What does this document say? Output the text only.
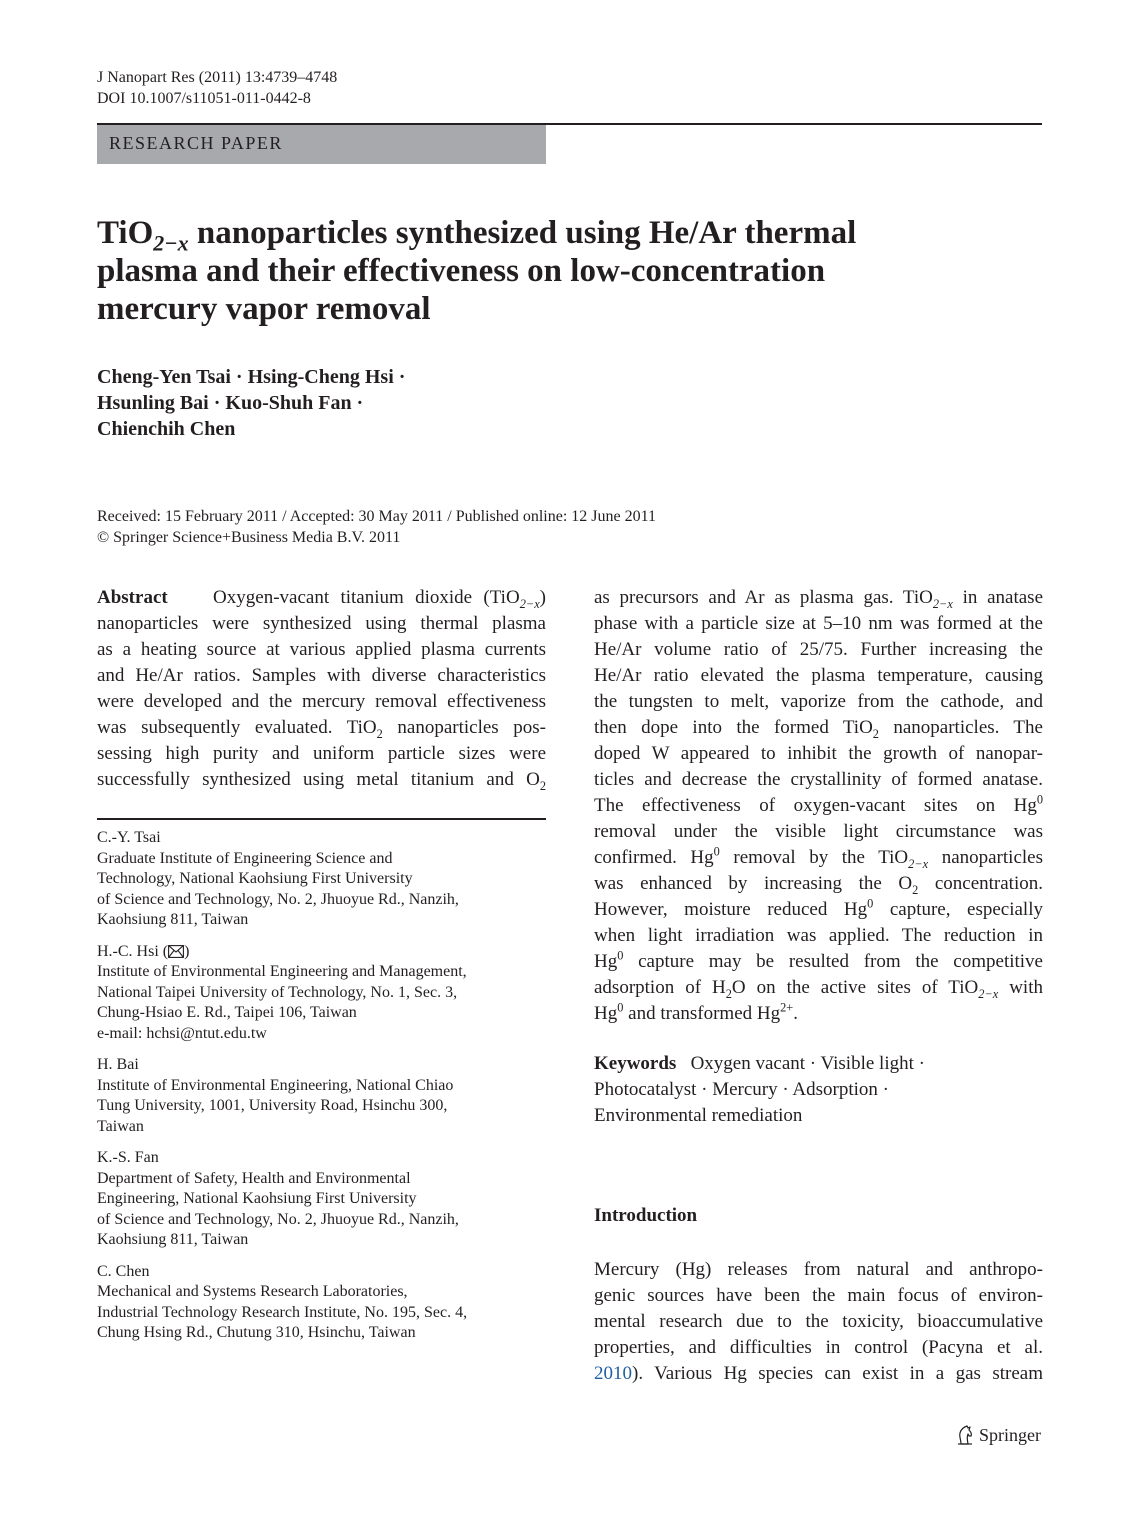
J Nanopart Res (2011) 13:4739–4748
DOI 10.1007/s11051-011-0442-8
RESEARCH PAPER
TiO$_{2-x}$ nanoparticles synthesized using He/Ar thermal
plasma and their effectiveness on low-concentration
mercury vapor removal
Cheng-Yen Tsai · Hsing-Cheng Hsi ·
Hsunling Bai · Kuo-Shuh Fan ·
Chienchih Chen
Received: 15 February 2011 / Accepted: 30 May 2011 / Published online: 12 June 2011
© Springer Science+Business Media B.V. 2011
Abstract Oxygen-vacant titanium dioxide (TiO$_{2-x}$)
nanoparticles were synthesized using thermal plasma
as a heating source at various applied plasma currents
and He/Ar ratios. Samples with diverse characteristics
were developed and the mercury removal effectiveness
was subsequently evaluated. TiO$_2$ nanoparticles pos-
sessing high purity and uniform particle sizes were
successfully synthesized using metal titanium and $O_2$
C.-Y. Tsai
Graduate Institute of Engineering Science and
Technology, National Kaohsiung First University
of Science and Technology, No. 2, Jhuoyue Rd., Nanzih,
Kaohsiung 811, Taiwan
H.-C. Hsi ( )
Institute of Environmental Engineering and Management,
National Taipei University of Technology, No. 1, Sec. 3,
Chung-Hsiao E. Rd., Taipei 106, Taiwan
e-mail: hchsi@ntut.edu.tw
H. Bai
Institute of Environmental Engineering, National Chiao
Tung University, 1001, University Road, Hsinchu 300,
Taiwan
K.-S. Fan
Department of Safety, Health and Environmental
Engineering, National Kaohsiung First University
of Science and Technology, No. 2, Jhuoyue Rd., Nanzih,
Kaohsiung 811, Taiwan
C. Chen
Mechanical and Systems Research Laboratories,
Industrial Technology Research Institute, No. 195, Sec. 4,
Chung Hsing Rd., Chutung 310, Hsinchu, Taiwan
as precursors and Ar as plasma gas. TiO$_{2-x}$ in anatase
phase with a particle size at 5–10 nm was formed at the
He/Ar volume ratio of 25/75. Further increasing the
He/Ar ratio elevated the plasma temperature, causing
the tungsten to melt, vaporize from the cathode, and
then dope into the formed TiO$_2$ nanoparticles. The
doped W appeared to inhibit the growth of nanopar-
ticles and decrease the crystallinity of formed anatase.
The effectiveness of oxygen-vacant sites on Hg$^0$
removal under the visible light circumstance was
confirmed. Hg$^0$ removal by the TiO$_{2-x}$ nanoparticles
was enhanced by increasing the $O_2$ concentration.
However, moisture reduced Hg$^0$ capture, especially
when light irradiation was applied. The reduction in
Hg$^0$ capture may be resulted from the competitive
adsorption of $H_2O$ on the active sites of TiO$_{2-x}$ with
Hg$^0$ and transformed $Hg^{2+}$.
Keywords Oxygen vacant · Visible light ·
Photocatalyst · Mercury · Adsorption ·
Environmental remediation
Introduction
Mercury (Hg) releases from natural and anthropo-
genic sources have been the main focus of environ-
mental research due to the toxicity, bioaccumulative
properties, and difficulties in control (Pacyna et al.
2010). Various Hg species can exist in a gas stream
Springer
